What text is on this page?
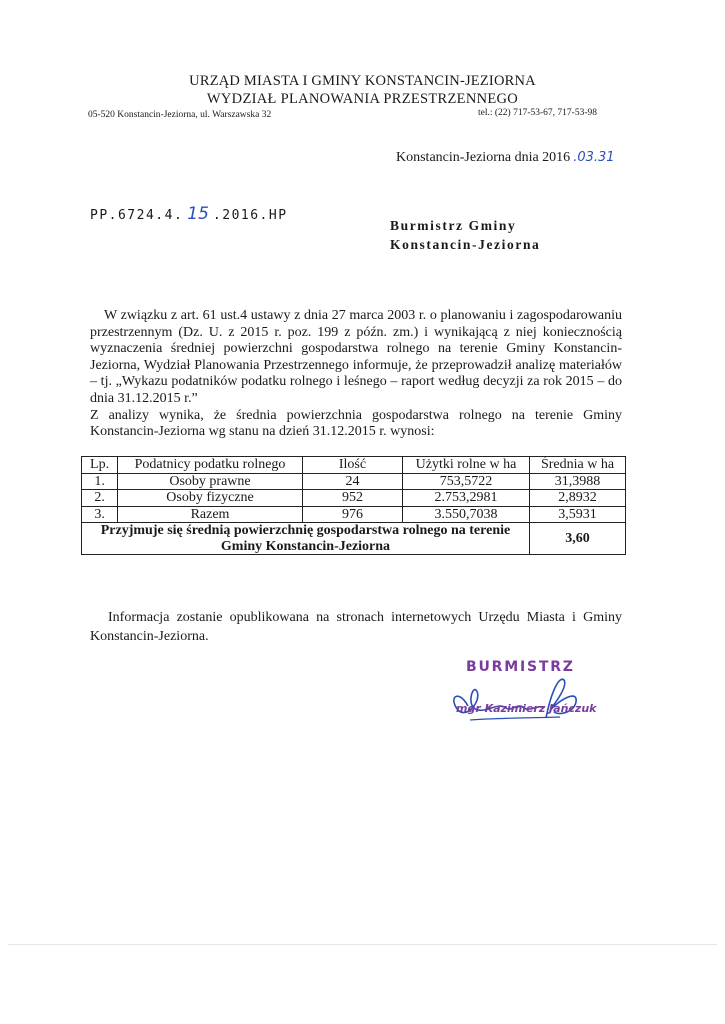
URZĄD MIASTA I GMINY KONSTANCIN-JEZIORNA
WYDZIAŁ PLANOWANIA PRZESTRZENNEGO
05-520 Konstancin-Jeziorna, ul. Warszawska 32	tel.: (22) 717-53-67, 717-53-98
Konstancin-Jeziorna dnia 2016 .03.31
PP.6724.4. 15 .2016.HP
Burmistrz Gminy
Konstancin-Jeziorna

W związku z art. 61 ust.4 ustawy z dnia 27 marca 2003 r. o planowaniu i zagospodarowaniu przestrzennym (Dz. U. z 2015 r. poz. 199 z późn. zm.) i wynikającą z niej koniecznością wyznaczenia średniej powierzchni gospodarstwa rolnego na terenie Gminy Konstancin-Jeziorna, Wydział Planowania Przestrzennego informuje, że przeprowadził analizę materiałów – tj. „Wykazu podatników podatku rolnego i leśnego – raport według decyzji za rok 2015 – do dnia 31.12.2015 r.”

Z analizy wynika, że średnia powierzchnia gospodarstwa rolnego na terenie Gminy Konstancin-Jeziorna wg stanu na dzień 31.12.2015 r. wynosi:

Lp.	Podatnicy podatku rolnego	Ilość	Użytki rolne w ha	Średnia w ha
1.	Osoby prawne	24	753,5722	31,3988
2.	Osoby fizyczne	952	2.753,2981	2,8932
3.	Razem	976	3.550,7038	3,5931
Przyjmuje się średnią powierzchnię gospodarstwa rolnego na terenie Gminy Konstancin-Jeziorna				3,60
Informacja zostanie opublikowana na stronach internetowych Urzędu Miasta i Gminy Konstancin-Jeziorna.
BURMISTRZ
mgr Kazimierz Jańczuk
